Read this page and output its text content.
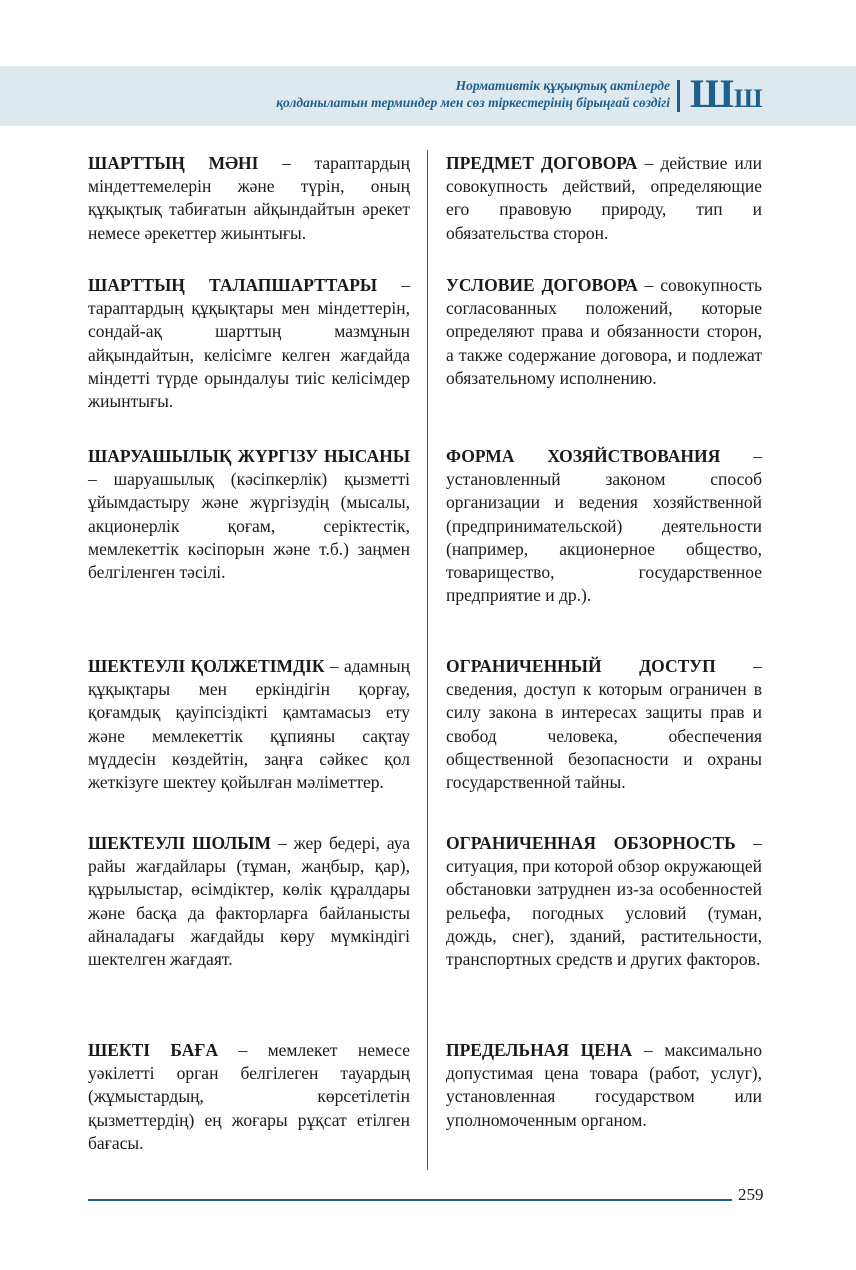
Нормативтік құқықтық актілерде
қолданылатын терминдер мен сөз тіркестерінің бірыңғай сөздігі ШШ

ШАРТТЫҢ МӘНІ – тараптардың міндеттемелерін және түрін, оның құқықтық табиғатын айқындайтын әрекет немесе әрекеттер жиынтығы.

ПРЕДМЕТ ДОГОВОРА – действие или совокупность действий, определяющие его правовую природу, тип и обязательства сторон.

ШАРТТЫҢ ТАЛАПШАРТТАРЫ – тараптардың құқықтары мен міндеттерін, сондай-ақ шарттың мазмұнын айқындайтын, келісімге келген жағдайда міндетті түрде орындалуы тиіс келісімдер жиынтығы.

УСЛОВИЕ ДОГОВОРА – совокупность согласованных положений, которые определяют права и обязанности сторон, а также содержание договора, и подлежат обязательному исполнению.

ШАРУАШЫЛЫҚ ЖҮРГІЗУ НЫСАНЫ – шаруашылық (кәсіпкерлік) қызметті ұйымдастыру және жүргізудің (мысалы, акционерлік қоғам, серіктестік, мемлекеттік кәсіпорын және т.б.) заңмен белгіленген тәсілі.

ФОРМА ХОЗЯЙСТВОВАНИЯ – установленный законом способ организации и ведения хозяйственной (предпринимательской) деятельности (например, акционерное общество, товарищество, государственное предприятие и др.).

ШЕКТЕУЛІ ҚОЛЖЕТІМДІК – адамның құқықтары мен еркіндігін қорғау, қоғамдық қауіпсіздікті қамтамасыз ету және мемлекеттік құпияны сақтау мүддесін көздейтін, заңға сәйкес қол жеткізуге шектеу қойылған мәліметтер.

ОГРАНИЧЕННЫЙ ДОСТУП – сведения, доступ к которым ограничен в силу закона в интересах защиты прав и свобод человека, обеспечения общественной безопасности и охраны государственной тайны.

ШЕКТЕУЛІ ШОЛЫМ – жер бедері, ауа райы жағдайлары (тұман, жаңбыр, қар), құрылыстар, өсімдіктер, көлік құралдары және басқа да факторларға байланысты айналадағы жағдайды көру мүмкіндігі шектелген жағдаят.

ОГРАНИЧЕННАЯ ОБЗОРНОСТЬ – ситуация, при которой обзор окружающей обстановки затруднен из-за особенностей рельефа, погодных условий (туман, дождь, снег), зданий, растительности, транспортных средств и других факторов.

ШЕКТІ БАҒА – мемлекет немесе уәкілетті орган белгілеген тауардың (жұмыстардың, көрсетілетін қызметтердің) ең жоғары рұқсат етілген бағасы.

ПРЕДЕЛЬНАЯ ЦЕНА – максимально допустимая цена товара (работ, услуг), установленная государством или уполномоченным органом.

259
